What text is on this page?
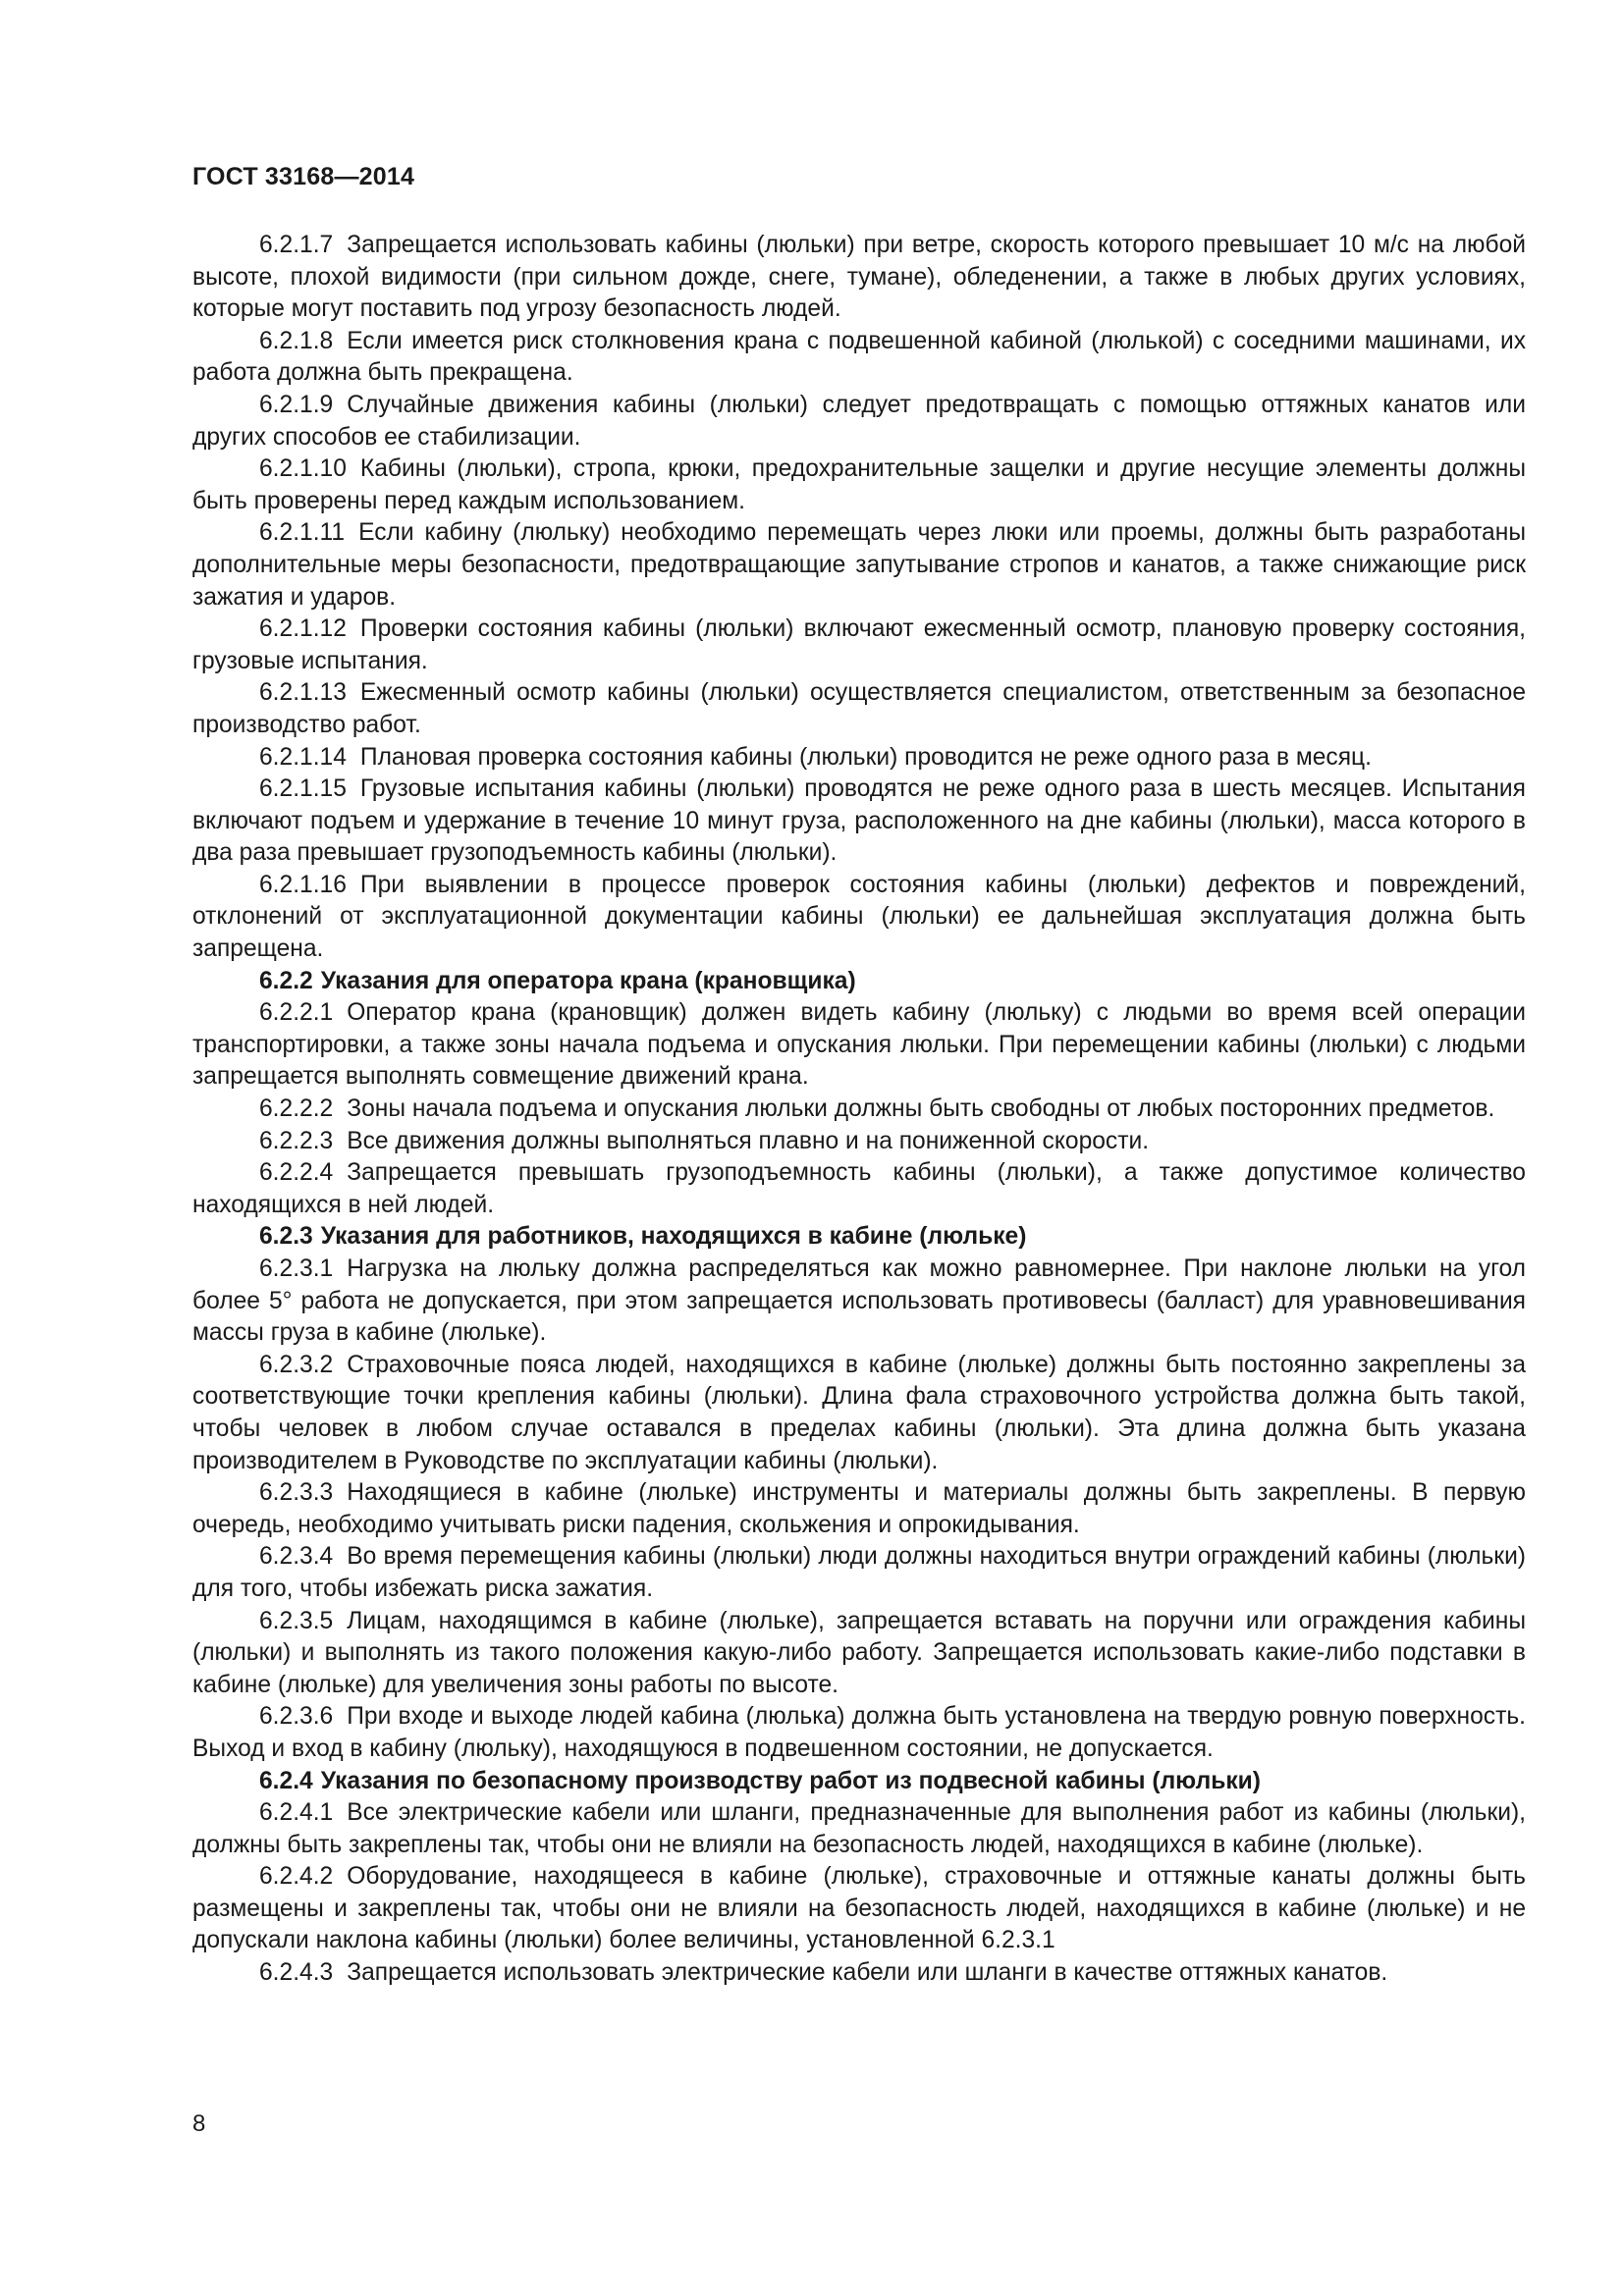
ГОСТ 33168—2014

6.2.1.7 Запрещается использовать кабины (люльки) при ветре, скорость которого превышает 10 м/с на любой высоте, плохой видимости (при сильном дожде, снеге, тумане), обледенении, а также в любых других условиях, которые могут поставить под угрозу безопасность людей.

6.2.1.8 Если имеется риск столкновения крана с подвешенной кабиной (люлькой) с соседними машинами, их работа должна быть прекращена.

6.2.1.9 Случайные движения кабины (люльки) следует предотвращать с помощью оттяжных канатов или других способов ее стабилизации.

6.2.1.10 Кабины (люльки), стропа, крюки, предохранительные защелки и другие несущие элементы должны быть проверены перед каждым использованием.

6.2.1.11 Если кабину (люльку) необходимо перемещать через люки или проемы, должны быть разработаны дополнительные меры безопасности, предотвращающие запутывание стропов и канатов, а также снижающие риск зажатия и ударов.

6.2.1.12 Проверки состояния кабины (люльки) включают ежесменный осмотр, плановую проверку состояния, грузовые испытания.

6.2.1.13 Ежесменный осмотр кабины (люльки) осуществляется специалистом, ответственным за безопасное производство работ.

6.2.1.14 Плановая проверка состояния кабины (люльки) проводится не реже одного раза в месяц.

6.2.1.15 Грузовые испытания кабины (люльки) проводятся не реже одного раза в шесть месяцев. Испытания включают подъем и удержание в течение 10 минут груза, расположенного на дне кабины (люльки), масса которого в два раза превышает грузоподъемность кабины (люльки).

6.2.1.16 При выявлении в процессе проверок состояния кабины (люльки) дефектов и повреждений, отклонений от эксплуатационной документации кабины (люльки) ее дальнейшая эксплуатация должна быть запрещена.

6.2.2 Указания для оператора крана (крановщика)

6.2.2.1 Оператор крана (крановщик) должен видеть кабину (люльку) с людьми во время всей операции транспортировки, а также зоны начала подъема и опускания люльки. При перемещении кабины (люльки) с людьми запрещается выполнять совмещение движений крана.

6.2.2.2 Зоны начала подъема и опускания люльки должны быть свободны от любых посторонних предметов.

6.2.2.3 Все движения должны выполняться плавно и на пониженной скорости.

6.2.2.4 Запрещается превышать грузоподъемность кабины (люльки), а также допустимое количество находящихся в ней людей.

6.2.3 Указания для работников, находящихся в кабине (люльке)

6.2.3.1 Нагрузка на люльку должна распределяться как можно равномернее. При наклоне люльки на угол более 5° работа не допускается, при этом запрещается использовать противовесы (балласт) для уравновешивания массы груза в кабине (люльке).

6.2.3.2 Страховочные пояса людей, находящихся в кабине (люльке) должны быть постоянно закреплены за соответствующие точки крепления кабины (люльки). Длина фала страховочного устройства должна быть такой, чтобы человек в любом случае оставался в пределах кабины (люльки). Эта длина должна быть указана производителем в Руководстве по эксплуатации кабины (люльки).

6.2.3.3 Находящиеся в кабине (люльке) инструменты и материалы должны быть закреплены. В первую очередь, необходимо учитывать риски падения, скольжения и опрокидывания.

6.2.3.4 Во время перемещения кабины (люльки) люди должны находиться внутри ограждений кабины (люльки) для того, чтобы избежать риска зажатия.

6.2.3.5 Лицам, находящимся в кабине (люльке), запрещается вставать на поручни или ограждения кабины (люльки) и выполнять из такого положения какую-либо работу. Запрещается использовать какие-либо подставки в кабине (люльке) для увеличения зоны работы по высоте.

6.2.3.6 При входе и выходе людей кабина (люлька) должна быть установлена на твердую ровную поверхность. Выход и вход в кабину (люльку), находящуюся в подвешенном состоянии, не допускается.

6.2.4 Указания по безопасному производству работ из подвесной кабины (люльки)

6.2.4.1 Все электрические кабели или шланги, предназначенные для выполнения работ из кабины (люльки), должны быть закреплены так, чтобы они не влияли на безопасность людей, находящихся в кабине (люльке).

6.2.4.2 Оборудование, находящееся в кабине (люльке), страховочные и оттяжные канаты должны быть размещены и закреплены так, чтобы они не влияли на безопасность людей, находящихся в кабине (люльке) и не допускали наклона кабины (люльки) более величины, установленной 6.2.3.1

6.2.4.3 Запрещается использовать электрические кабели или шланги в качестве оттяжных канатов.

8
